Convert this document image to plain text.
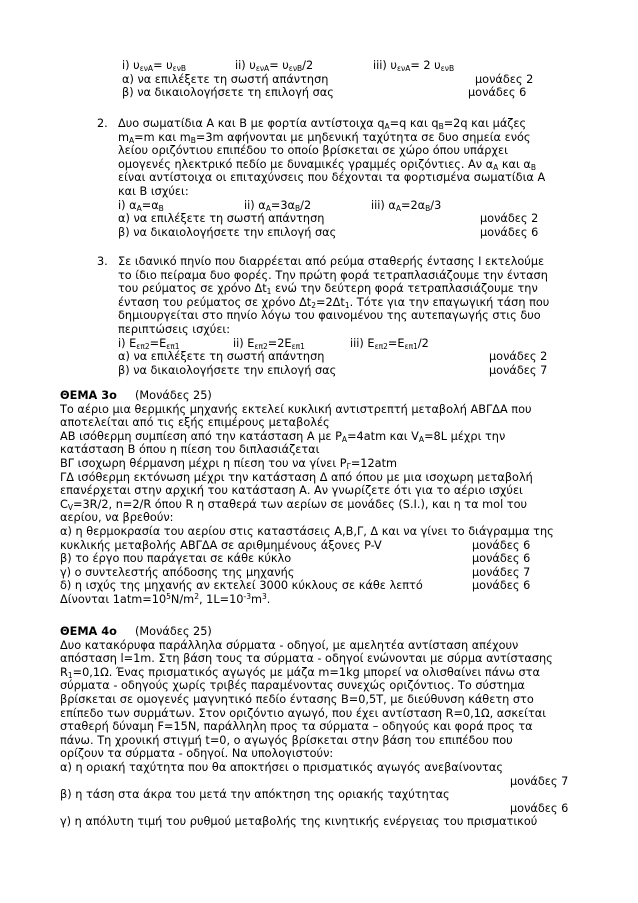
i) $\upsilon_{\varepsilon\nu A}= \upsilon_{\varepsilon\nu B}$	ii) $\upsilon_{\varepsilon\nu A}= \upsilon_{\varepsilon\nu B}/2$	iii) $\upsilon_{\varepsilon\nu A}= 2$ $\upsilon_{\varepsilon\nu B}$
α) να επιλέξετε τη σωστή απάντηση	μονάδες 2
β) να δικαιολογήσετε τη επιλογή σας	μονάδες 6
2. Δυο σωματίδια Α και Β με φορτία αντίστοιχα $q_A=q$ και $q_B=2q$ και μάζες
$m_A=m$ και $m_B=3m$ αφήνονται με μηδενική ταχύτητα σε δυο σημεία ενός
λείου οριζόντιου επιπέδου το οποίο βρίσκεται σε χώρο όπου υπάρχει
ομογενές ηλεκτρικό πεδίο με δυναμικές γραμμές οριζόντιες. Αν $\alpha_A$ και $\alpha_B$
είναι αντίστοιχα οι επιταχύνσεις που δέχονται τα φορτισμένα σωματίδια Α
και Β ισχύει:
i) $\alpha_A=\alpha_B$	ii) $\alpha_A=3\alpha_B/2$	iii) $\alpha_A=2\alpha_B/3$
α) να επιλέξετε τη σωστή απάντηση	μονάδες 2
β) να δικαιολογήσετε την επιλογή σας	μονάδες 6
3. Σε ιδανικό πηνίο που διαρρέεται από ρεύμα σταθερής έντασης Ι εκτελούμε
το ίδιο πείραμα δυο φορές. Την πρώτη φορά τετραπλασιάζουμε την ένταση
του ρεύματος σε χρόνο $\Delta t_1$ ενώ την δεύτερη φορά τετραπλασιάζουμε την
ένταση του ρεύματος σε χρόνο $\Delta t_2=2\Delta t_1$. Τότε για την επαγωγική τάση που
δημιουργείται στο πηνίο λόγω του φαινομένου της αυτεπαγωγής στις δυο
περιπτώσεις ισχύει:
i) $E_{\varepsilon\pi 2}=E_{\varepsilon\pi 1}$	ii) $E_{\varepsilon\pi 2}=2E_{\varepsilon\pi 1}$	iii) $E_{\varepsilon\pi 2}=E_{\varepsilon\pi 1}/2$
α) να επιλέξετε τη σωστή απάντηση	μονάδες 2
β) να δικαιολογήσετε την επιλογή σας	μονάδες 7
ΘΕΜΑ 3ο (Μονάδες 25)
Το αέριο μια θερμικής μηχανής εκτελεί κυκλική αντιστρεπτή μεταβολή ΑΒΓΔΑ που
αποτελείται από τις εξής επιμέρους μεταβολές
ΑΒ ισόθερμη συμπίεση από την κατάσταση Α με $P_A=4atm$ και $V_A=8L$ μέχρι την
κατάσταση Β όπου η πίεση του διπλασιάζεται
ΒΓ ισοχωρη θέρμανση μέχρι η πίεση του να γίνει $P_\Gamma=12atm$
ΓΔ ισόθερμη εκτόνωση μέχρι την κατάσταση Δ από όπου με μια ισοχωρη μεταβολή
επανέρχεται στην αρχική του κατάσταση Α. Αν γνωρίζετε ότι για το αέριο ισχύει
$C_V=3R/2$, n=2/R όπου R η σταθερά των αερίων σε μονάδες (S.I.), και η τα mol του
αερίου, να βρεθούν:
α) η θερμοκρασία του αερίου στις καταστάσεις Α,Β,Γ, Δ και να γίνει το διάγραμμα της
κυκλικής μεταβολής ΑΒΓΔΑ σε αριθμημένους άξονες P-V	μονάδες 6
β) το έργο που παράγεται σε κάθε κύκλο	μονάδες 6
γ) ο συντελεστής απόδοσης της μηχανής	μονάδες 7
δ) η ισχύς της μηχανής αν εκτελεί 3000 κύκλους σε κάθε λεπτό	μονάδες 6
Δίνονται $1atm=10^5N/m^2$, $1L=10^{-3}m^3$.
ΘΕΜΑ 4ο (Μονάδες 25)
Δυο κατακόρυφα παράλληλα σύρματα - οδηγοί, με αμελητέα αντίσταση απέχουν
απόσταση l=1m. Στη βάση τους τα σύρματα - οδηγοί ενώνονται με σύρμα αντίστασης
$R_1=0,1\Omega$. Ένας πρισματικός αγωγός με μάζα m=1kg μπορεί να ολισθαίνει πάνω στα
σύρματα - οδηγούς χωρίς τριβές παραμένοντας συνεχώς οριζόντιος. Το σύστημα
βρίσκεται σε ομογενές μαγνητικό πεδίο έντασης Β=0,5Τ, με διεύθυνση κάθετη στο
επίπεδο των συρμάτων. Στον οριζόντιο αγωγό, που έχει αντίσταση R=0,1Ω, ασκείται
σταθερή δύναμη F=15N, παράλληλη προς τα σύρματα – οδηγούς και φορά προς τα
πάνω. Τη χρονική στιγμή t=0, ο αγωγός βρίσκεται στην βάση του επιπέδου που
ορίζουν τα σύρματα - οδηγοί. Να υπολογιστούν:
α) η οριακή ταχύτητα που θα αποκτήσει ο πρισματικός αγωγός ανεβαίνοντας
μονάδες 7
β) η τάση στα άκρα του μετά την απόκτηση της οριακής ταχύτητας
μονάδες 6
γ) η απόλυτη τιμή του ρυθμού μεταβολής της κινητικής ενέργειας του πρισματικού
